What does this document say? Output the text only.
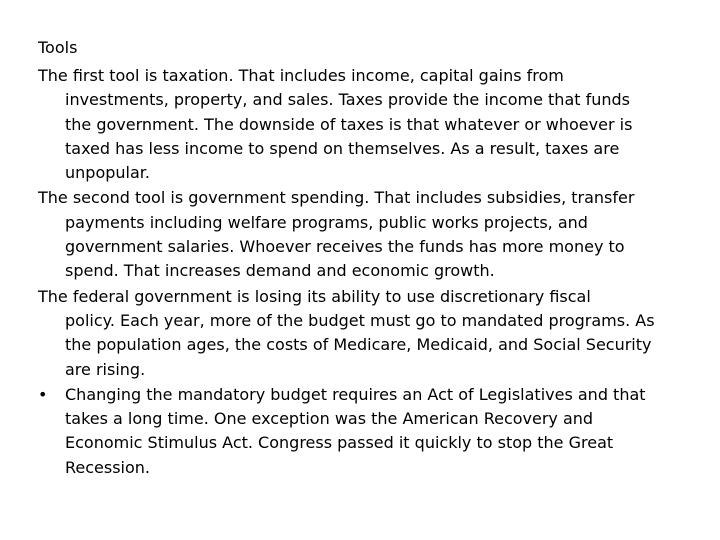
Tools
The first tool is taxation. That includes income, capital gains from
investments, property, and sales. Taxes provide the income that funds
the government. The downside of taxes is that whatever or whoever is
taxed has less income to spend on themselves. As a result, taxes are
unpopular.
The second tool is government spending. That includes subsidies, transfer
payments including welfare programs, public works projects, and
government salaries. Whoever receives the funds has more money to
spend. That increases demand and economic growth.
The federal government is losing its ability to use discretionary fiscal
policy. Each year, more of the budget must go to mandated programs. As
the population ages, the costs of Medicare, Medicaid, and Social Security
are rising.
• Changing the mandatory budget requires an Act of Legislatives and that
takes a long time. One exception was the American Recovery and
Economic Stimulus Act. Congress passed it quickly to stop the Great
Recession.
